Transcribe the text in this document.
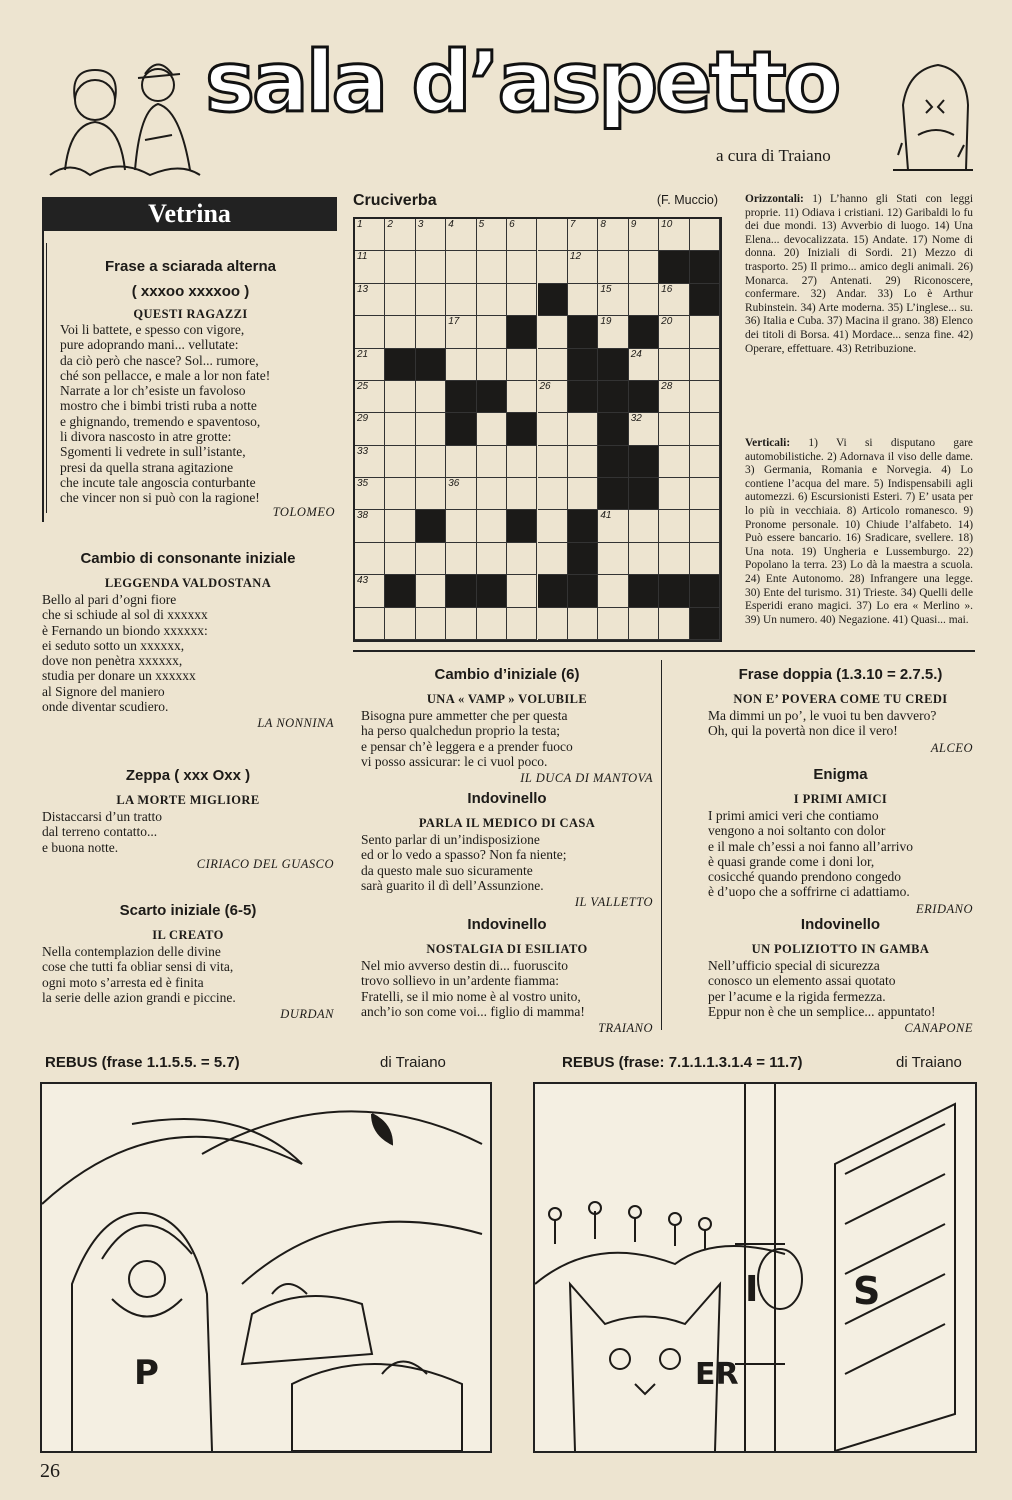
sala d’aspetto
a cura di Traiano
Vetrina
Frase a sciarada alterna
( xxxoo xxxxoo )
QUESTI RAGAZZI
Voi li battete, e spesso con vigore,
pure adoprando mani... vellutate:
da ciò però che nasce? Sol... rumore,
ché son pellacce, e male a lor non fate!
Narrate a lor ch’esiste un favoloso
mostro che i bimbi tristi ruba a notte
e ghignando, tremendo e spaventoso,
li divora nascosto in atre grotte:
Sgomenti li vedrete in sull’istante,
presi da quella strana agitazione
che incute tale angoscia conturbante
che vincer non si può con la ragione!
TOLOMEO
Cambio di consonante iniziale
LEGGENDA VALDOSTANA
Bello al pari d’ogni fiore
che si schiude al sol di xxxxxx
è Fernando un biondo xxxxxx:
ei seduto sotto un xxxxxx,
dove non penètra xxxxxx,
studia per donare un xxxxxx
al Signore del maniero
onde diventar scudiero.
LA NONNINA
Zeppa ( xxx Oxx )
LA MORTE MIGLIORE
Distaccarsi d’un tratto
dal terreno contatto...
e buona notte.
CIRIACO DEL GUASCO
Scarto iniziale (6-5)
IL CREATO
Nella contemplazion delle divine
cose che tutti fa obliar sensi di vita,
ogni moto s’arresta ed è finita
la serie delle azion grandi e piccine.
DURDAN
Cruciverba	(F. Muccio)
1 2 3 4 5 6	7 8 9 10
11	12
13	15	16
17	19	20
21	24
25	26	28
29	32
33
35	36
38	41
43
Orizzontali: 1) L’hanno gli Stati con leggi proprie. 11) Odiava i cristiani. 12) Garibaldi lo fu dei due mondi. 13) Avverbio di luogo. 14) Una Elena... devocalizzata. 15) Andate. 17) Nome di donna. 20) Iniziali di Sordi. 21) Mezzo di trasporto. 25) Il primo... amico degli animali. 26) Monarca. 27) Antenati. 29) Riconoscere, confermare. 32) Andar. 33) Lo è Arthur Rubinstein. 34) Arte moderna. 35) L’inglese... su. 36) Italia e Cuba. 37) Macina il grano. 38) Elenco dei titoli di Borsa. 41) Mordace... senza fine. 42) Operare, effettuare. 43) Retribuzione.
Verticali: 1) Vi si disputano gare automobilistiche. 2) Adornava il viso delle dame. 3) Germania, Romania e Norvegia. 4) Lo contiene l’acqua del mare. 5) Indispensabili agli automezzi. 6) Escursionisti Esteri. 7) E’ usata per lo più in vecchiaia. 8) Articolo romanesco. 9) Pronome personale. 10) Chiude l’alfabeto. 14) Può essere bancario. 16) Sradicare, svellere. 18) Una nota. 19) Ungheria e Lussemburgo. 22) Popolano la terra. 23) Lo dà la maestra a scuola. 24) Ente Autonomo. 28) Infrangere una legge. 30) Ente del turismo. 31) Trieste. 34) Quelli delle Esperidi erano magici. 37) Lo era « Merlino ». 39) Un numero. 40) Negazione. 41) Quasi... mai.
Cambio d’iniziale (6)
UNA « VAMP » VOLUBILE
Bisogna pure ammetter che per questa
ha perso qualchedun proprio la testa;
e pensar ch’è leggera e a prender fuoco
vi posso assicurar: le ci vuol poco.
IL DUCA DI MANTOVA
Indovinello
PARLA IL MEDICO DI CASA
Sento parlar di un’indisposizione
ed or lo vedo a spasso? Non fa niente;
da questo male suo sicuramente
sarà guarito il dì dell’Assunzione.
IL VALLETTO
Indovinello
NOSTALGIA DI ESILIATO
Nel mio avverso destin di... fuoruscito
trovo sollievo in un’ardente fiamma:
Fratelli, se il mio nome è al vostro unito,
anch’io son come voi... figlio di mamma!
TRAIANO
Frase doppia (1.3.10 = 2.7.5.)
NON E’ POVERA COME TU CREDI
Ma dimmi un po’, le vuoi tu ben davvero?
Oh, qui la povertà non dice il vero!
ALCEO
Enigma
I PRIMI AMICI
I primi amici veri che contiamo
vengono a noi soltanto con dolor
e il male ch’essi a noi fanno all’arrivo
è quasi grande come i doni lor,
cosicché quando prendono congedo
è d’uopo che a soffrirne ci adattiamo.
ERIDANO
Indovinello
UN POLIZIOTTO IN GAMBA
Nell’ufficio special di sicurezza
conosco un elemento assai quotato
per l’acume e la rigida fermezza.
Eppur non è che un semplice... appuntato!
CANAPONE
REBUS (frase 1.1.5.5. = 5.7)	di Traiano
P
REBUS (frase: 7.1.1.1.3.1.4 = 11.7)	di Traiano
ER
I S
26
